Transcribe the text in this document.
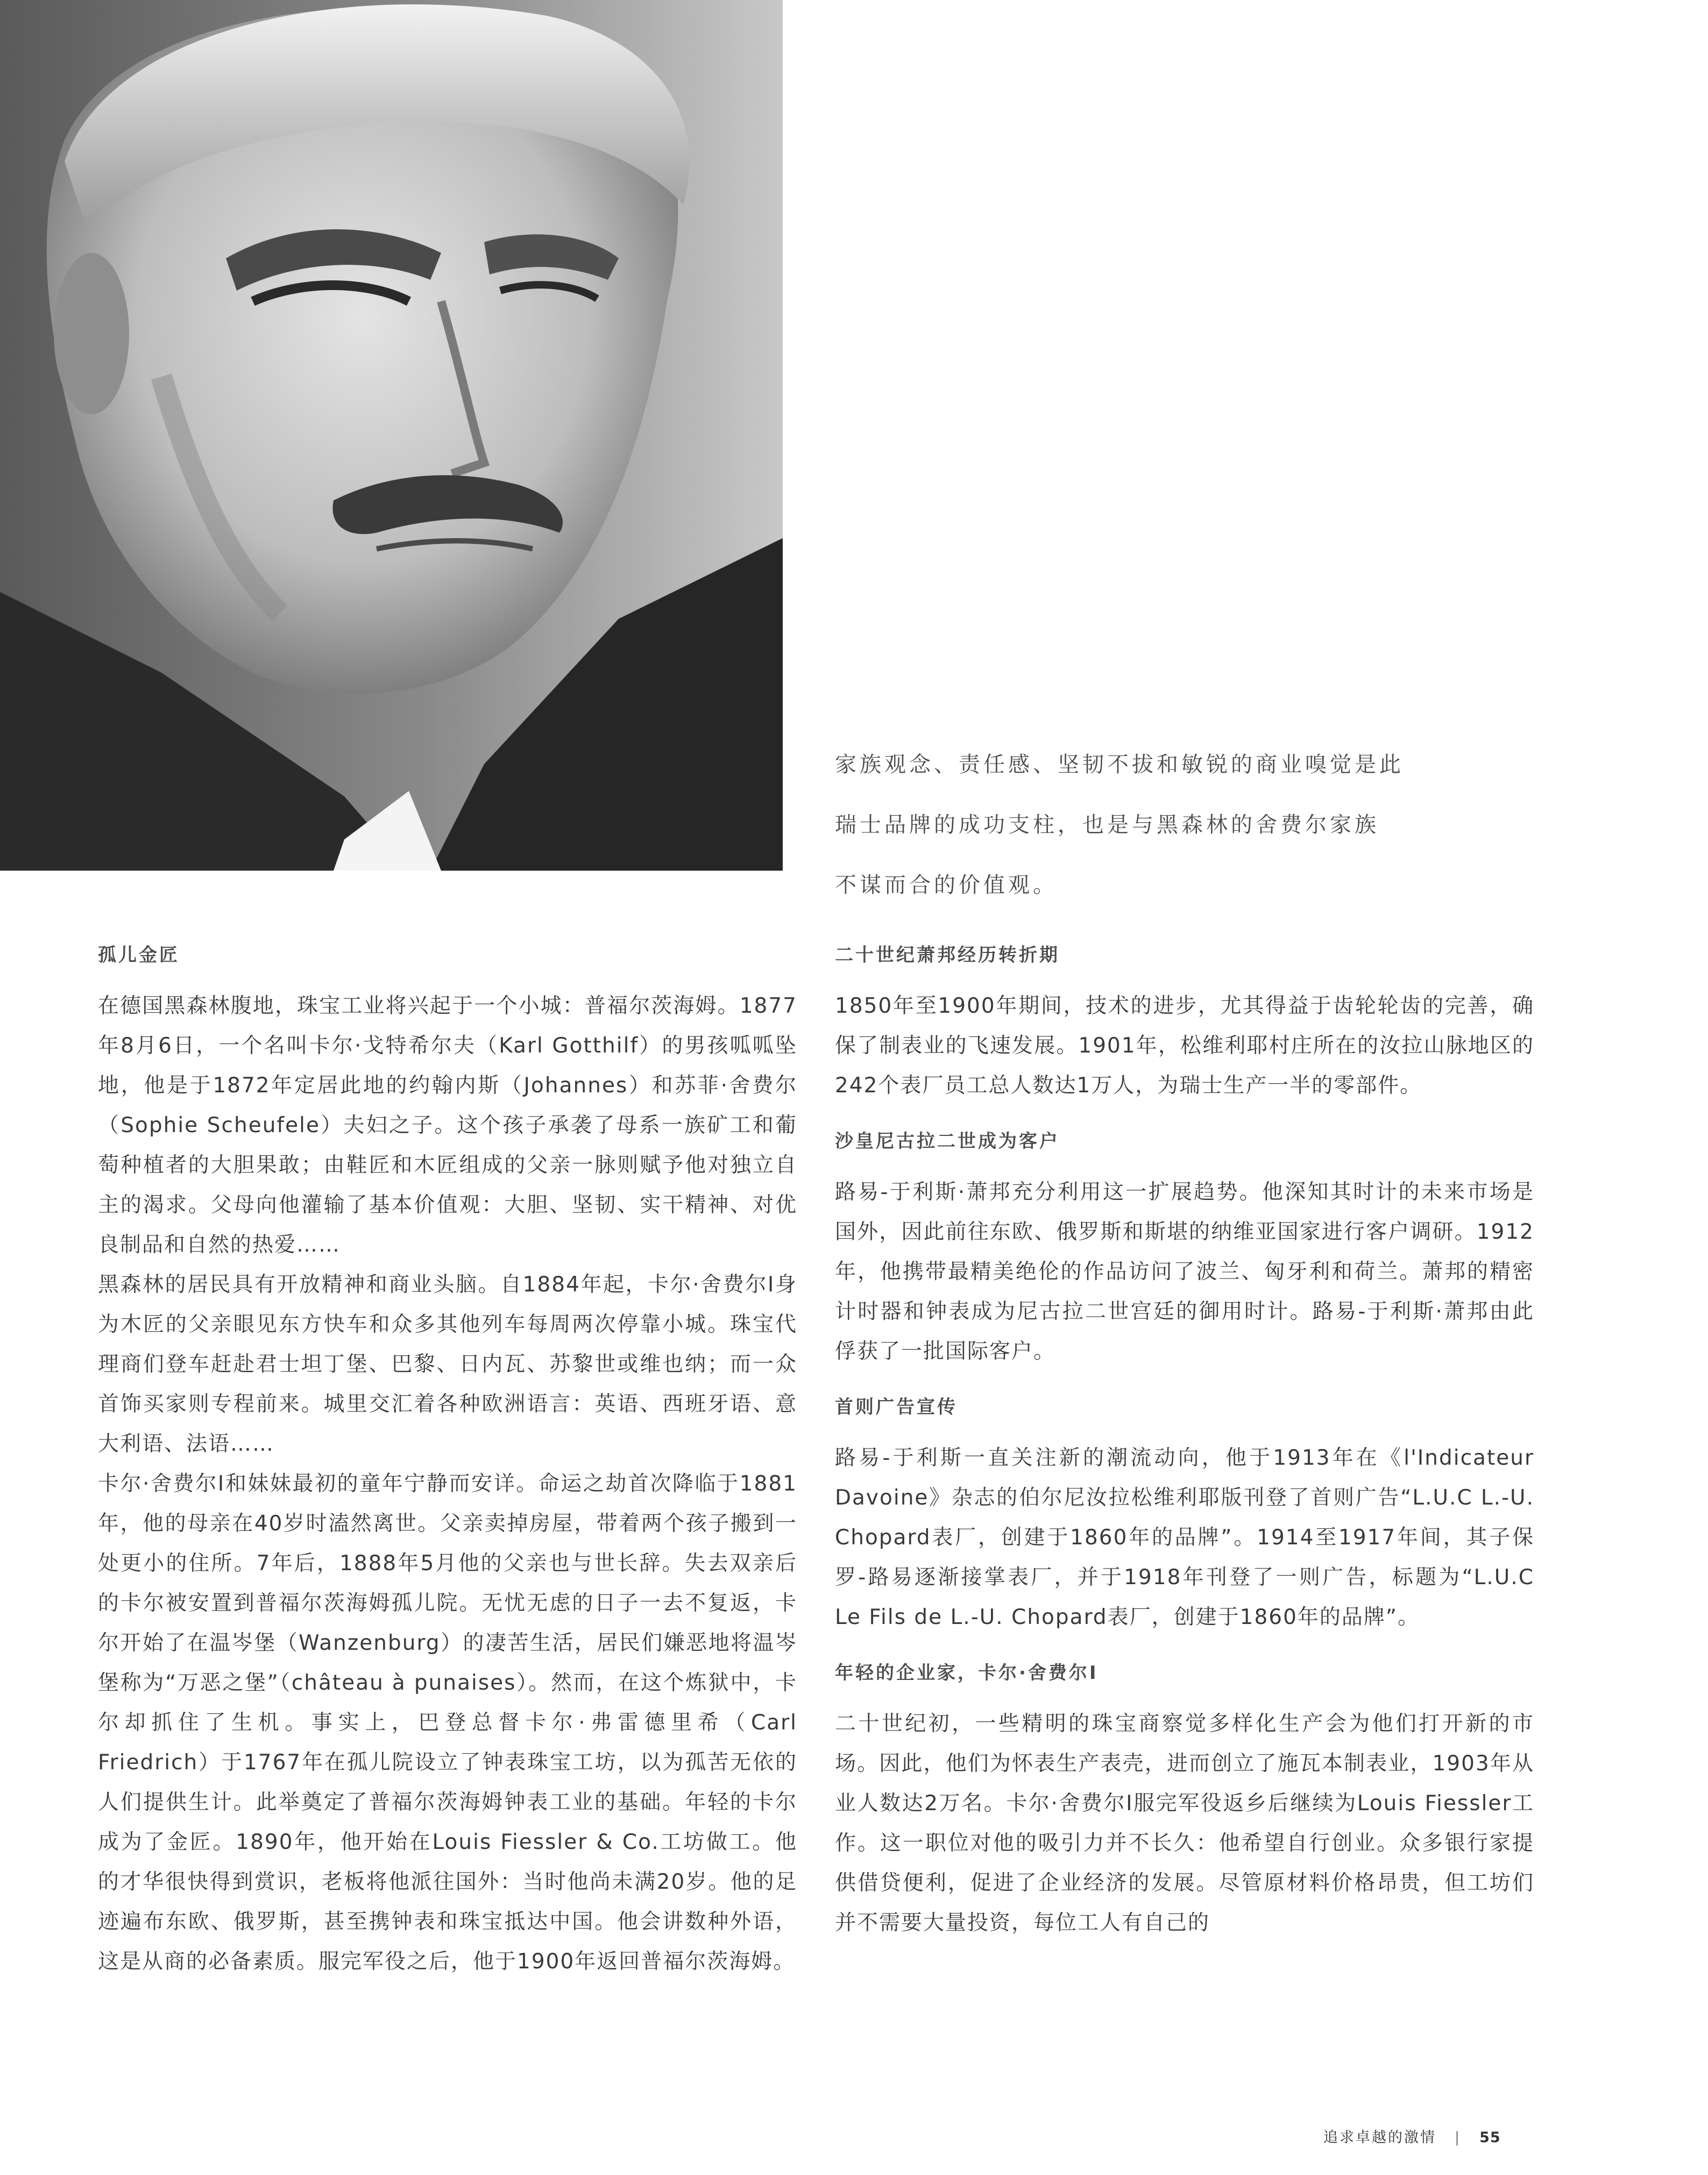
家族观念、责任感、坚韧不拔和敏锐的商业嗅觉是此

瑞士品牌的成功支柱，也是与黑森林的舍费尔家族

不谋而合的价值观。

孤儿金匠

在德国黑森林腹地，珠宝工业将兴起于一个小城：普福尔茨海姆。1877年8月6日，一个名叫卡尔·戈特希尔夫（Karl Gotthilf）的男孩呱呱坠地，他是于1872年定居此地的约翰内斯（Johannes）和苏菲·舍费尔（Sophie Scheufele）夫妇之子。这个孩子承袭了母系一族矿工和葡萄种植者的大胆果敢；由鞋匠和木匠组成的父亲一脉则赋予他对独立自主的渴求。父母向他灌输了基本价值观：大胆、坚韧、实干精神、对优良制品和自然的热爱……

黑森林的居民具有开放精神和商业头脑。自1884年起，卡尔·舍费尔I身为木匠的父亲眼见东方快车和众多其他列车每周两次停靠小城。珠宝代理商们登车赶赴君士坦丁堡、巴黎、日内瓦、苏黎世或维也纳；而一众首饰买家则专程前来。城里交汇着各种欧洲语言：英语、西班牙语、意大利语、法语……

卡尔·舍费尔I和妹妹最初的童年宁静而安详。命运之劫首次降临于1881年，他的母亲在40岁时溘然离世。父亲卖掉房屋，带着两个孩子搬到一处更小的住所。7年后，1888年5月他的父亲也与世长辞。失去双亲后的卡尔被安置到普福尔茨海姆孤儿院。无忧无虑的日子一去不复返，卡尔开始了在温岑堡（Wanzenburg）的凄苦生活，居民们嫌恶地将温岑堡称为“万恶之堡”（château à punaises）。然而，在这个炼狱中，卡尔却抓住了生机。事实上，巴登总督卡尔·弗雷德里希（Carl Friedrich）于1767年在孤儿院设立了钟表珠宝工坊，以为孤苦无依的人们提供生计。此举奠定了普福尔茨海姆钟表工业的基础。年轻的卡尔成为了金匠。1890年，他开始在Louis Fiessler & Co.工坊做工。他的才华很快得到赏识，老板将他派往国外：当时他尚未满20岁。他的足迹遍布东欧、俄罗斯，甚至携钟表和珠宝抵达中国。他会讲数种外语，这是从商的必备素质。服完军役之后，他于1900年返回普福尔茨海姆。

二十世纪萧邦经历转折期

1850年至1900年期间，技术的进步，尤其得益于齿轮轮齿的完善，确保了制表业的飞速发展。1901年，松维利耶村庄所在的汝拉山脉地区的242个表厂员工总人数达1万人，为瑞士生产一半的零部件。

沙皇尼古拉二世成为客户

路易-于利斯·萧邦充分利用这一扩展趋势。他深知其时计的未来市场是国外，因此前往东欧、俄罗斯和斯堪的纳维亚国家进行客户调研。1912年，他携带最精美绝伦的作品访问了波兰、匈牙利和荷兰。萧邦的精密计时器和钟表成为尼古拉二世宫廷的御用时计。路易-于利斯·萧邦由此俘获了一批国际客户。

首则广告宣传

路易-于利斯一直关注新的潮流动向，他于1913年在《l'Indicateur Davoine》杂志的伯尔尼汝拉松维利耶版刊登了首则广告“L.U.C L.-U. Chopard表厂，创建于1860年的品牌”。1914至1917年间，其子保罗-路易逐渐接掌表厂，并于1918年刊登了一则广告，标题为“L.U.C Le Fils de L.-U. Chopard表厂，创建于1860年的品牌”。

年轻的企业家，卡尔·舍费尔I

二十世纪初，一些精明的珠宝商察觉多样化生产会为他们打开新的市场。因此，他们为怀表生产表壳，进而创立了施瓦本制表业，1903年从业人数达2万名。卡尔·舍费尔I服完军役返乡后继续为Louis Fiessler工作。这一职位对他的吸引力并不长久：他希望自行创业。众多银行家提供借贷便利，促进了企业经济的发展。尽管原材料价格昂贵，但工坊们并不需要大量投资，每位工人有自己的

追求卓越的激情 | 55
